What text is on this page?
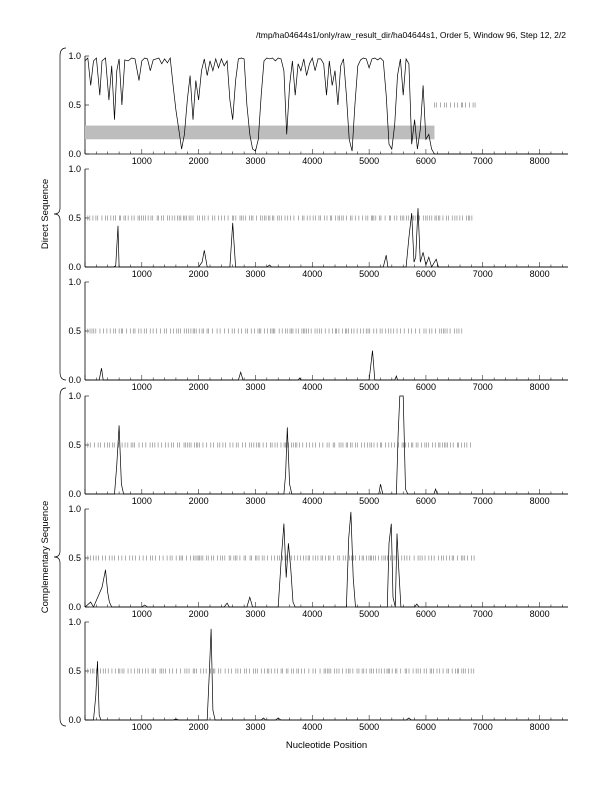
/tmp/ha04644s1/only/raw_result_dir/ha04644s1, Order 5, Window 96, Step 12, 2/2
0.0
0.5
1.0
1000	2000	3000	4000	5000	6000	7000	8000
0.0
0.5
1.0
1000	2000	3000	4000	5000	6000	7000	8000
0.0
0.5
1.0
1000	2000	3000	4000	5000	6000	7000	8000
0.0
0.5
1.0
1000	2000	3000	4000	5000	6000	7000	8000
0.0
0.5
1.0
1000	2000	3000	4000	5000	6000	7000	8000
0.0
0.5
1.0
1000	2000	3000	4000	5000	6000	7000	8000
Nucleotide Position
Direct Sequence
Complementary Sequence
